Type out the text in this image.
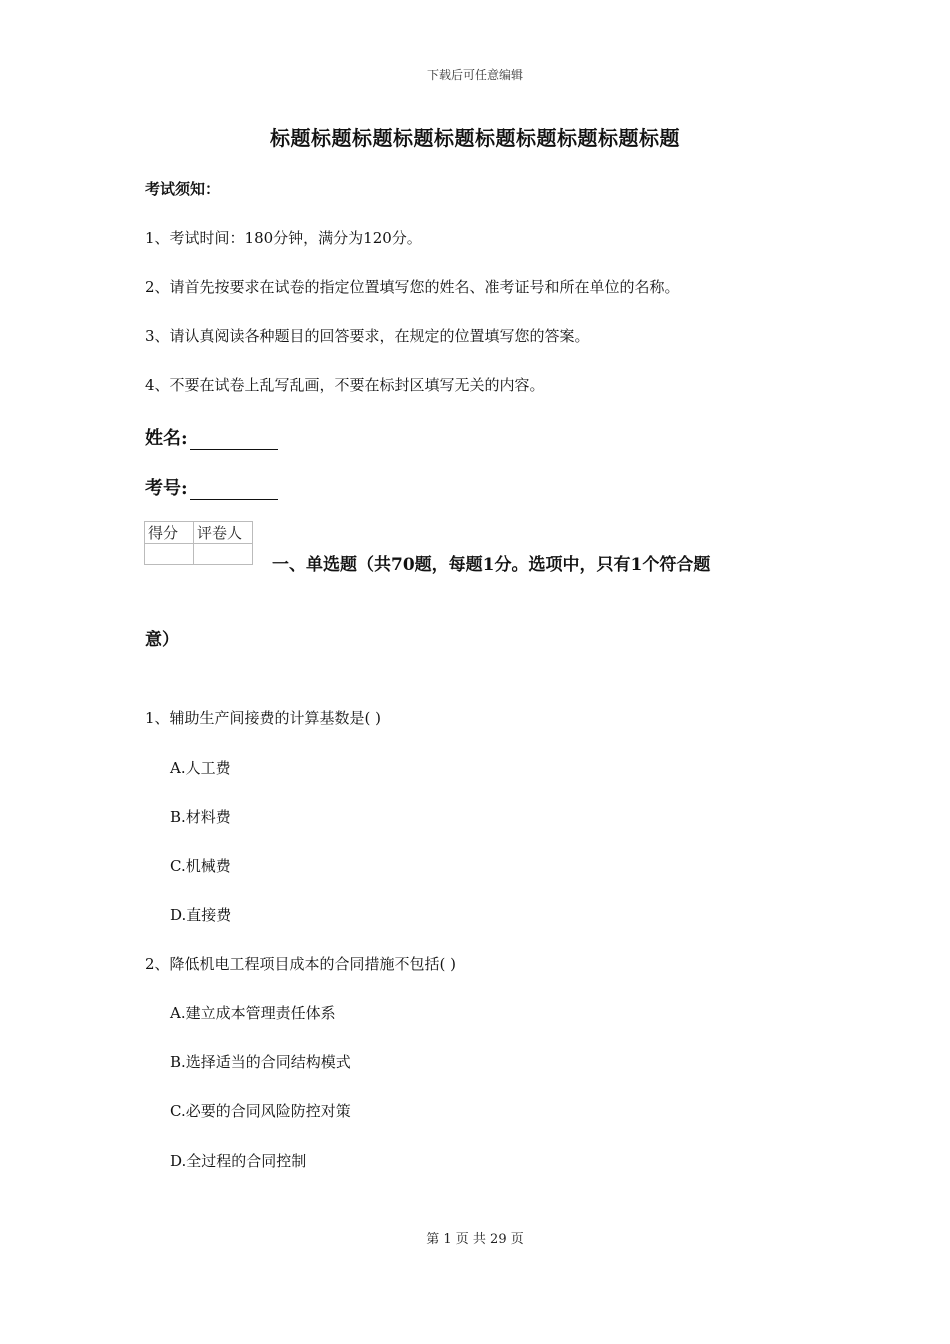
下载后可任意编辑
标题标题标题标题标题标题标题标题标题标题
考试须知：
1、考试时间：180分钟，满分为120分。
2、请首先按要求在试卷的指定位置填写您的姓名、准考证号和所在单位的名称。
3、请认真阅读各种题目的回答要求，在规定的位置填写您的答案。
4、不要在试卷上乱写乱画，不要在标封区填写无关的内容。
姓名:
考号:
得分	评卷人

一、单选题（共70题，每题1分。选项中，只有1个符合题
意）
1、辅助生产间接费的计算基数是( )
A.人工费
B.材料费
C.机械费
D.直接费
2、降低机电工程项目成本的合同措施不包括( )
A.建立成本管理责任体系
B.选择适当的合同结构模式
C.必要的合同风险防控对策
D.全过程的合同控制
第 1 页 共 29 页
